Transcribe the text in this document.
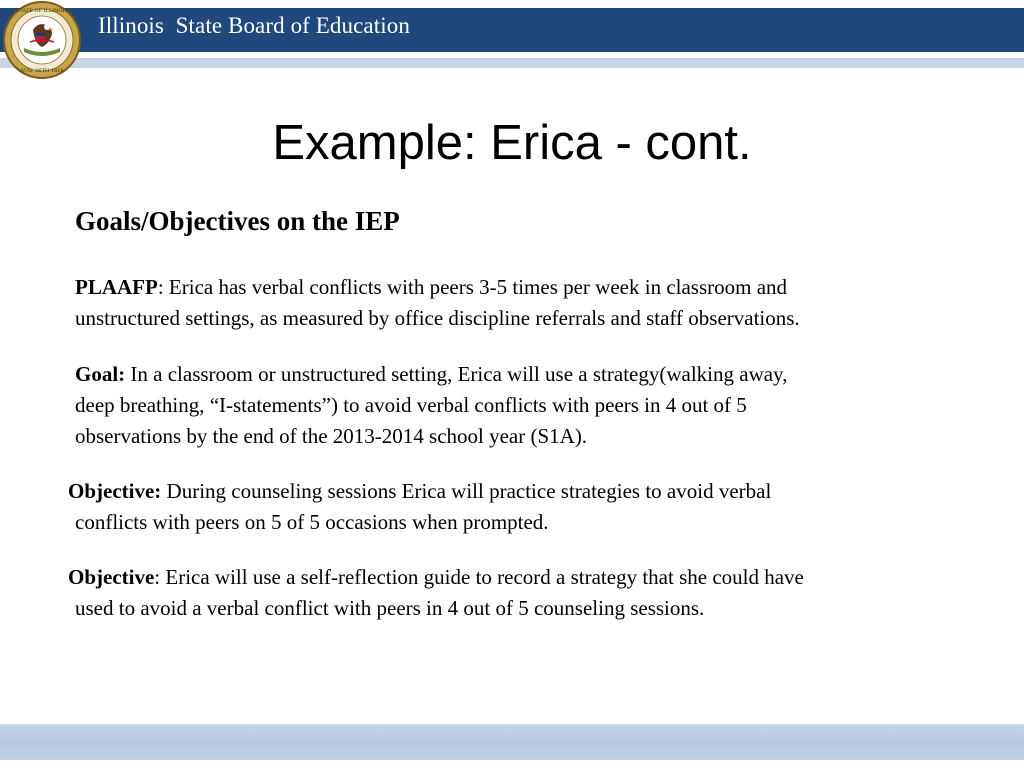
STATE OF ILLINOIS
AUG. 26TH 1818
Illinois  State Board of Education
Example: Erica - cont.
Goals/Objectives on the IEP
PLAAFP: Erica has verbal conflicts with peers 3-5 times per week in classroom and
unstructured settings, as measured by office discipline referrals and staff observations.
Goal: In a classroom or unstructured setting, Erica will use a strategy(walking away,
deep breathing, “I-statements”) to avoid verbal conflicts with peers in 4 out of 5
observations by the end of the 2013-2014 school year (S1A).
Objective: During counseling sessions Erica will practice strategies to avoid verbal
conflicts with peers on 5 of 5 occasions when prompted.
Objective: Erica will use a self-reflection guide to record a strategy that she could have
used to avoid a verbal conflict with peers in 4 out of 5 counseling sessions.
